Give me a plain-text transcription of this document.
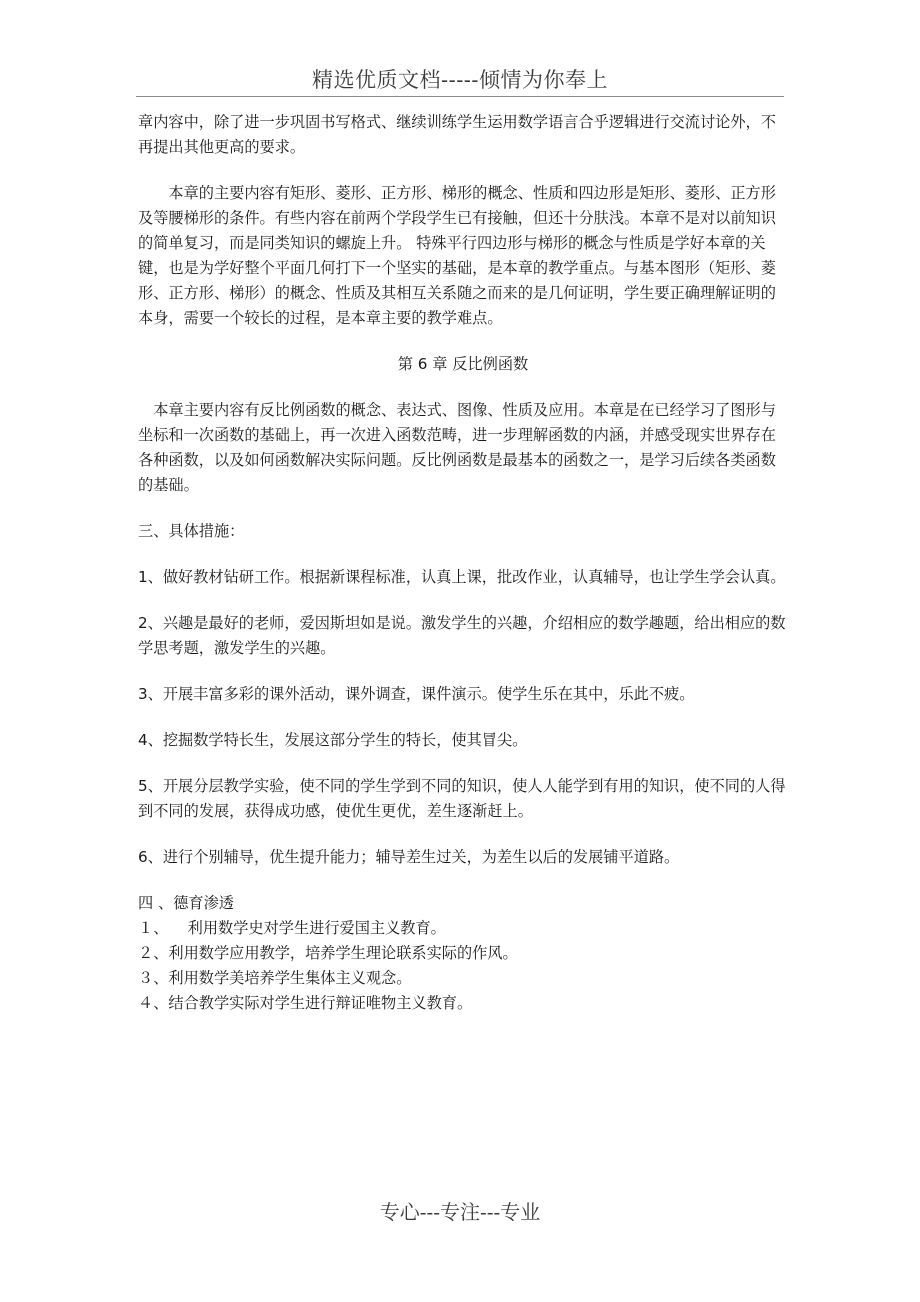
精选优质文档-----倾情为你奉上

章内容中，除了进一步巩固书写格式、继续训练学生运用数学语言合乎逻辑进行交流讨论外，不再提出其他更高的要求。

本章的主要内容有矩形、菱形、正方形、梯形的概念、性质和四边形是矩形、菱形、正方形及等腰梯形的条件。有些内容在前两个学段学生已有接触，但还十分肤浅。本章不是对以前知识的简单复习，而是同类知识的螺旋上升。 特殊平行四边形与梯形的概念与性质是学好本章的关键，也是为学好整个平面几何打下一个坚实的基础，是本章的教学重点。与基本图形（矩形、菱形、正方形、梯形）的概念、性质及其相互关系随之而来的是几何证明，学生要正确理解证明的本身，需要一个较长的过程，是本章主要的教学难点。

第 6 章 反比例函数

本章主要内容有反比例函数的概念、表达式、图像、性质及应用。本章是在已经学习了图形与坐标和一次函数的基础上，再一次进入函数范畴，进一步理解函数的内涵，并感受现实世界存在各种函数，以及如何函数解决实际问题。反比例函数是最基本的函数之一，是学习后续各类函数的基础。

三、具体措施：

1、做好教材钻研工作。根据新课程标准，认真上课，批改作业，认真辅导，也让学生学会认真。

2、兴趣是最好的老师，爱因斯坦如是说。激发学生的兴趣，介绍相应的数学趣题，给出相应的数学思考题，激发学生的兴趣。

3、开展丰富多彩的课外活动，课外调查，课件演示。使学生乐在其中，乐此不疲。

4、挖掘数学特长生，发展这部分学生的特长，使其冒尖。

5、开展分层教学实验，使不同的学生学到不同的知识，使人人能学到有用的知识，使不同的人得到不同的发展，获得成功感，使优生更优，差生逐渐赶上。

6、进行个别辅导，优生提升能力；辅导差生过关，为差生以后的发展铺平道路。

四 、德育渗透

１、    利用数学史对学生进行爱国主义教育。

２、利用数学应用教学，培养学生理论联系实际的作风。

３、利用数学美培养学生集体主义观念。

４、结合教学实际对学生进行辩证唯物主义教育。

专心---专注---专业
